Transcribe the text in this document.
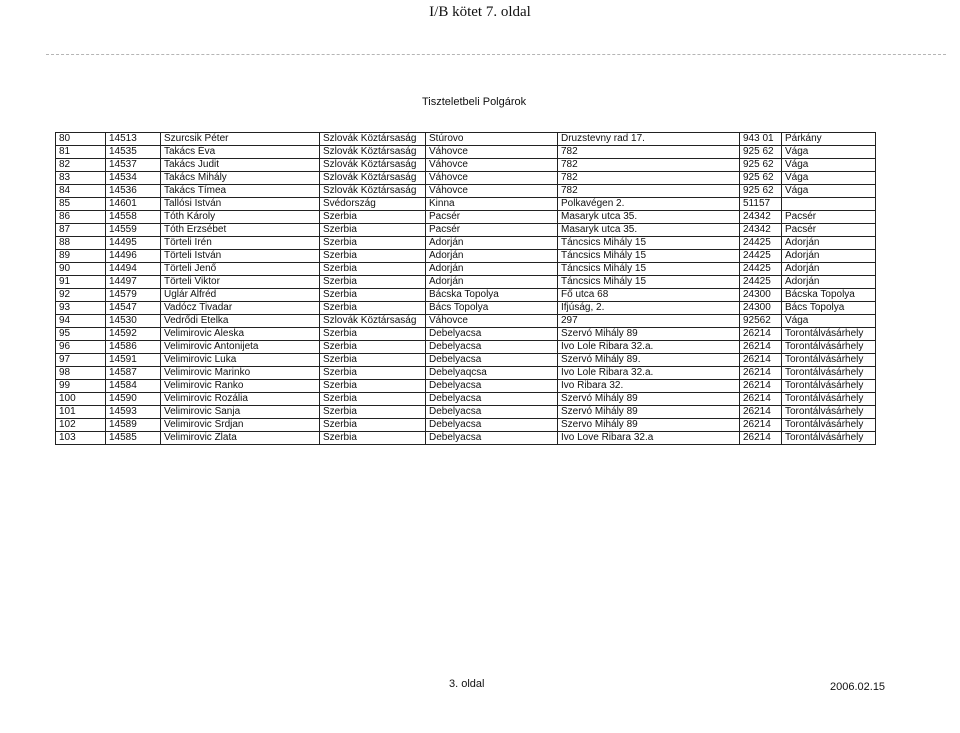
I/B kötet 7. oldal
Tiszteletbeli Polgárok
80	14513	Szurcsik Péter	Szlovák Köztársaság	Stúrovo	Druzstevny rad 17.	943 01	Párkány
81	14535	Takács Éva	Szlovák Köztársaság	Váhovce	782	925 62	Vága
82	14537	Takács Judit	Szlovák Köztársaság	Váhovce	782	925 62	Vága
83	14534	Takács Mihály	Szlovák Köztársaság	Váhovce	782	925 62	Vága
84	14536	Takács Tímea	Szlovák Köztársaság	Váhovce	782	925 62	Vága
85	14601	Tallósi István	Svédország	Kinna	Polkavégen 2.	51157	
86	14558	Tóth Károly	Szerbia	Pacsér	Masaryk utca 35.	24342	Pacsér
87	14559	Tóth Erzsébet	Szerbia	Pacsér	Masaryk utca 35.	24342	Pacsér
88	14495	Törteli Irén	Szerbia	Adorján	Táncsics Mihály 15	24425	Adorján
89	14496	Törteli István	Szerbia	Adorján	Táncsics Mihály 15	24425	Adorján
90	14494	Törteli Jenő	Szerbia	Adorján	Táncsics Mihály 15	24425	Adorján
91	14497	Törteli Viktor	Szerbia	Adorján	Táncsics Mihály 15	24425	Adorján
92	14579	Uglár Alfréd	Szerbia	Bácska Topolya	Fő utca 68	24300	Bácska Topolya
93	14547	Vadócz Tivadar	Szerbia	Bács Topolya	Ifjúság, 2.	24300	Bács Topolya
94	14530	Vedrődi Etelka	Szlovák Köztársaság	Váhovce	297	92562	Vága
95	14592	Velimirovic Aleska	Szerbia	Debelyacsa	Szervó Mihály 89	26214	Torontálvásárhely
96	14586	Velimirovic Antonijeta	Szerbia	Debelyacsa	Ivo Lole Ribara 32.a.	26214	Torontálvásárhely
97	14591	Velimirovic Luka	Szerbia	Debelyacsa	Szervó Mihály 89.	26214	Torontálvásárhely
98	14587	Velimirovic Marinko	Szerbia	Debelyaqcsa	Ivo Lole Ribara 32.a.	26214	Torontálvásárhely
99	14584	Velimirovic Ranko	Szerbia	Debelyacsa	Ivo Ribara 32.	26214	Torontálvásárhely
100	14590	Velimirovic Rozália	Szerbia	Debelyacsa	Szervó Mihály 89	26214	Torontálvásárhely
101	14593	Velimirovic Sanja	Szerbia	Debelyacsa	Szervó Mihály 89	26214	Torontálvásárhely
102	14589	Velimirovic Srdjan	Szerbia	Debelyacsa	Szervo Mihály 89	26214	Torontálvásárhely
103	14585	Velimirovic Zlata	Szerbia	Debelyacsa	Ivo Love Ribara 32.a	26214	Torontálvásárhely
3. oldal	2006.02.15
